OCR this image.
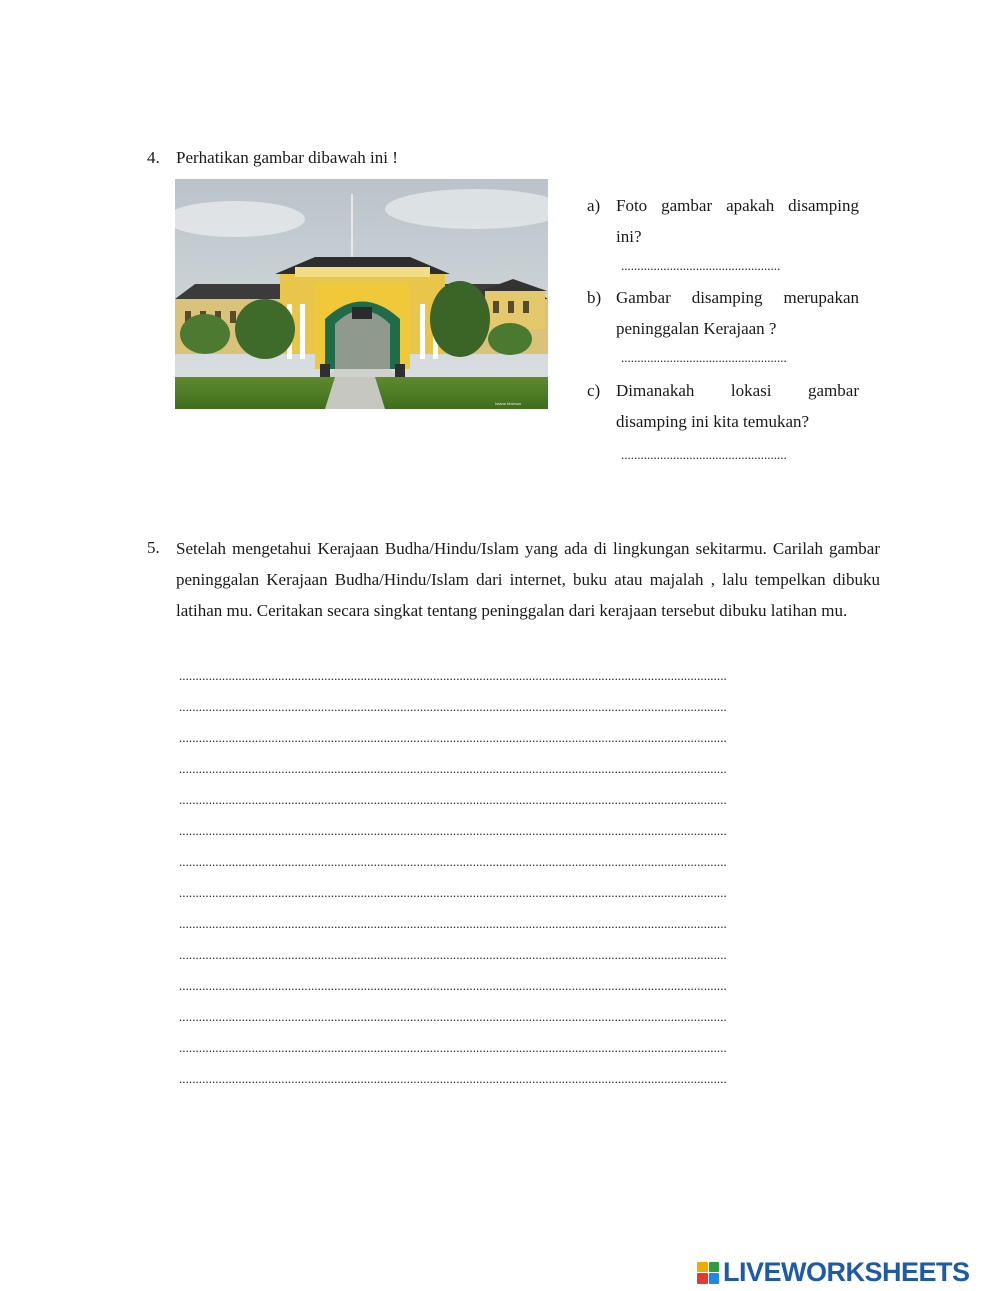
4. Perhatikan gambar dibawah ini !
Istana Maimun
a) Foto gambar apakah disamping
ini?
.................................................
b) Gambar disamping merupakan
peninggalan Kerajaan ?
...................................................
c) Dimanakah lokasi gambar
disamping ini kita temukan?
...................................................
5. Setelah mengetahui Kerajaan Budha/Hindu/Islam yang ada di lingkungan sekitarmu. Carilah gambar peninggalan Kerajaan Budha/Hindu/Islam dari internet, buku atau majalah , lalu tempelkan dibuku latihan mu. Ceritakan secara singkat tentang peninggalan dari kerajaan tersebut dibuku latihan mu.
......................................................................................................................................................................
......................................................................................................................................................................
......................................................................................................................................................................
......................................................................................................................................................................
......................................................................................................................................................................
......................................................................................................................................................................
......................................................................................................................................................................
......................................................................................................................................................................
......................................................................................................................................................................
......................................................................................................................................................................
......................................................................................................................................................................
......................................................................................................................................................................
......................................................................................................................................................................
......................................................................................................................................................................
LIVEWORKSHEETS
